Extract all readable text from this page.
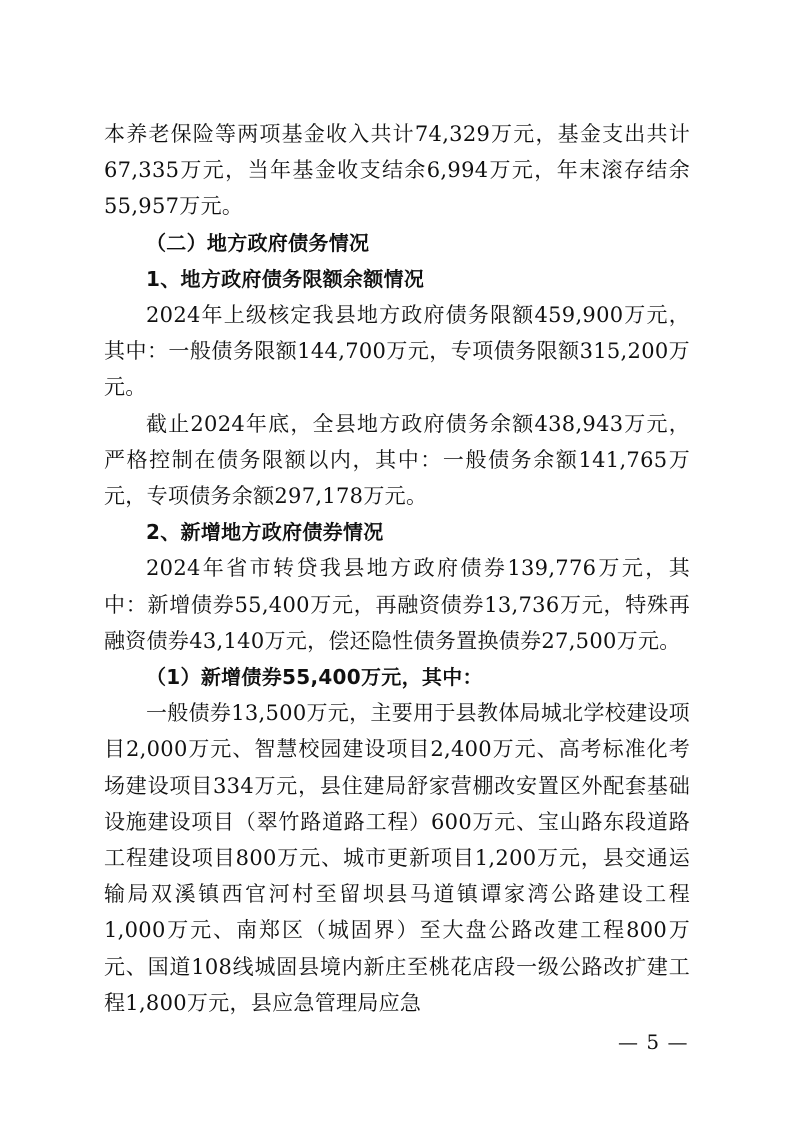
本养老保险等两项基金收入共计74,329万元，基金支出共计67,335万元，当年基金收支结余6,994万元，年末滚存结余55,957万元。

（二）地方政府债务情况

1、地方政府债务限额余额情况

2024年上级核定我县地方政府债务限额459,900万元，其中：一般债务限额144,700万元，专项债务限额315,200万元。

截止2024年底，全县地方政府债务余额438,943万元，严格控制在债务限额以内，其中：一般债务余额141,765万元，专项债务余额297,178万元。

2、新增地方政府债券情况

2024年省市转贷我县地方政府债券139,776万元，其中：新增债券55,400万元，再融资债券13,736万元，特殊再融资债券43,140万元，偿还隐性债务置换债券27,500万元。

（1）新增债券55,400万元，其中：

一般债券13,500万元，主要用于县教体局城北学校建设项目2,000万元、智慧校园建设项目2,400万元、高考标准化考场建设项目334万元，县住建局舒家营棚改安置区外配套基础设施建设项目（翠竹路道路工程）600万元、宝山路东段道路工程建设项目800万元、城市更新项目1,200万元，县交通运输局双溪镇西官河村至留坝县马道镇谭家湾公路建设工程1,000万元、南郑区（城固界）至大盘公路改建工程800万元、国道108线城固县境内新庄至桃花店段一级公路改扩建工程1,800万元，县应急管理局应急

— 5 —
